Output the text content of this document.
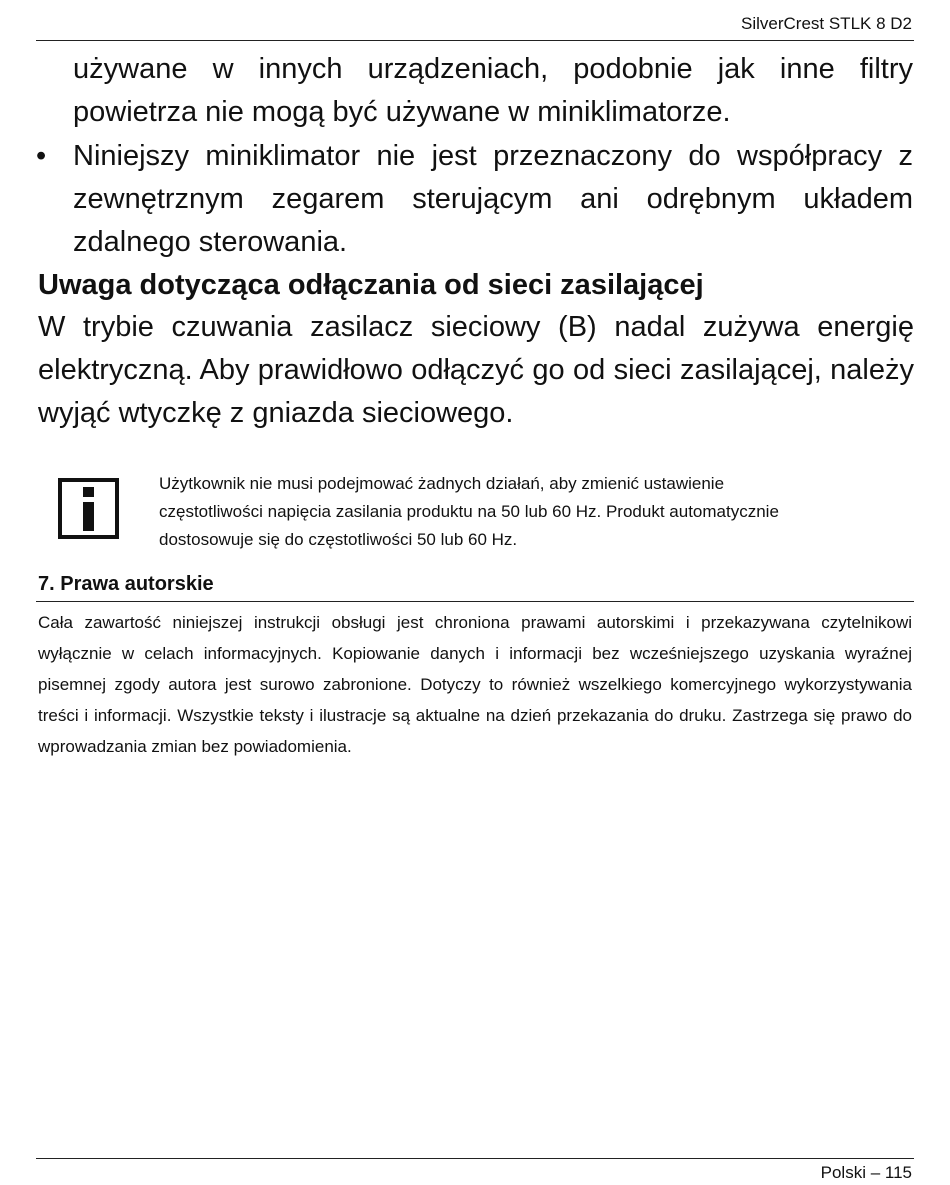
SilverCrest STLK 8 D2
używane w innych urządzeniach, podobnie jak inne filtry powietrza nie mogą być używane w miniklimatorze.
• Niniejszy miniklimator nie jest przeznaczony do współpracy z zewnętrznym zegarem sterującym ani odrębnym układem zdalnego sterowania.
Uwaga dotycząca odłączania od sieci zasilającej
W trybie czuwania zasilacz sieciowy (B) nadal zużywa energię elektryczną. Aby prawidłowo odłączyć go od sieci zasilającej, należy wyjąć wtyczkę z gniazda sieciowego.
Użytkownik nie musi podejmować żadnych działań, aby zmienić ustawienie
częstotliwości napięcia zasilania produktu na 50 lub 60 Hz. Produkt automatycznie
dostosowuje się do częstotliwości 50 lub 60 Hz.
7. Prawa autorskie
Cała zawartość niniejszej instrukcji obsługi jest chroniona prawami autorskimi i przekazywana czytelnikowi wyłącznie w celach informacyjnych. Kopiowanie danych i informacji bez wcześniejszego uzyskania wyraźnej pisemnej zgody autora jest surowo zabronione. Dotyczy to również wszelkiego komercyjnego wykorzystywania treści i informacji. Wszystkie teksty i ilustracje są aktualne na dzień przekazania do druku. Zastrzega się prawo do wprowadzania zmian bez powiadomienia.
Polski – 115
